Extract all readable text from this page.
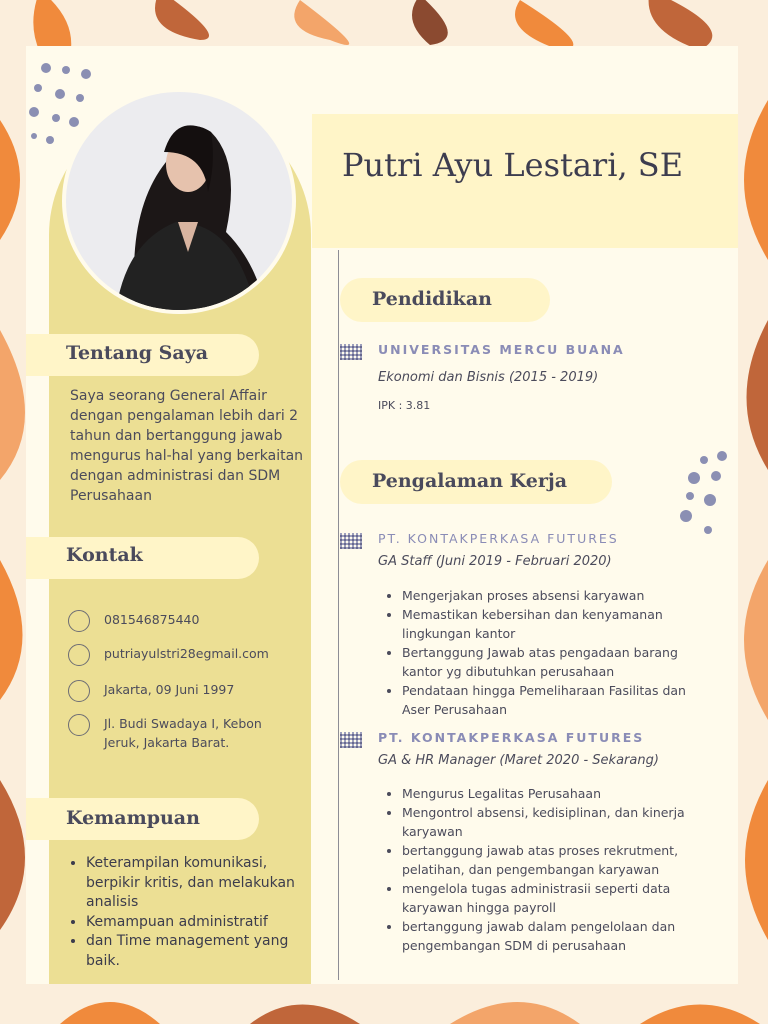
Putri Ayu Lestari, SE
Tentang Saya
Saya seorang General Affair dengan pengalaman lebih dari 2 tahun dan bertanggung jawab mengurus hal-hal yang berkaitan dengan administrasi dan SDM Perusahaan
Kontak
081546875440
putriayulstri28egmail.com
Jakarta, 09 Juni 1997
Jl. Budi Swadaya I, Kebon Jeruk, Jakarta Barat.
Kemampuan
• Keterampilan komunikasi, berpikir kritis, dan melakukan analisis
• Kemampuan administratif
• dan Time management yang baik.
Pendidikan
UNIVERSITAS MERCU BUANA
Ekonomi dan Bisnis (2015 - 2019)
IPK : 3.81
Pengalaman Kerja
PT. KONTAKPERKASA FUTURES
GA Staff (Juni 2019 - Februari 2020)
• Mengerjakan proses absensi karyawan
• Memastikan kebersihan dan kenyamanan lingkungan kantor
• Bertanggung Jawab atas pengadaan barang kantor yg dibutuhkan perusahaan
• Pendataan hingga Pemeliharaan Fasilitas dan Aser Perusahaan
PT. KONTAKPERKASA FUTURES
GA & HR Manager (Maret 2020 - Sekarang)
• Mengurus Legalitas Perusahaan
• Mengontrol absensi, kedisiplinan, dan kinerja karyawan
• bertanggung jawab atas proses rekrutment, pelatihan, dan pengembangan karyawan
• mengelola tugas administrasii seperti data karyawan hingga payroll
• bertanggung jawab dalam pengelolaan dan pengembangan SDM di perusahaan
